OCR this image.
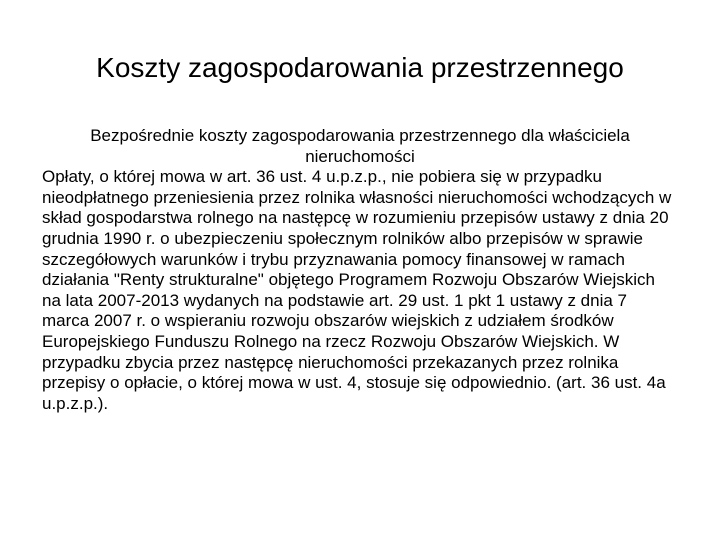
Koszty zagospodarowania przestrzennego

Bezpośrednie koszty zagospodarowania przestrzennego dla właściciela nieruchomości

Opłaty, o której mowa w art. 36 ust. 4 u.p.z.p., nie pobiera się w przypadku nieodpłatnego przeniesienia przez rolnika własności nieruchomości wchodzących w skład gospodarstwa rolnego na następcę w rozumieniu przepisów ustawy z dnia 20 grudnia 1990 r. o ubezpieczeniu społecznym rolników albo przepisów w sprawie szczegółowych warunków i trybu przyznawania pomocy finansowej w ramach działania "Renty strukturalne" objętego Programem Rozwoju Obszarów Wiejskich na lata 2007-2013 wydanych na podstawie art. 29 ust. 1 pkt 1 ustawy z dnia 7 marca 2007 r. o wspieraniu rozwoju obszarów wiejskich z udziałem środków Europejskiego Funduszu Rolnego na rzecz Rozwoju Obszarów Wiejskich. W przypadku zbycia przez następcę nieruchomości przekazanych przez rolnika przepisy o opłacie, o której mowa w ust. 4, stosuje się odpowiednio. (art. 36 ust. 4a u.p.z.p.).
